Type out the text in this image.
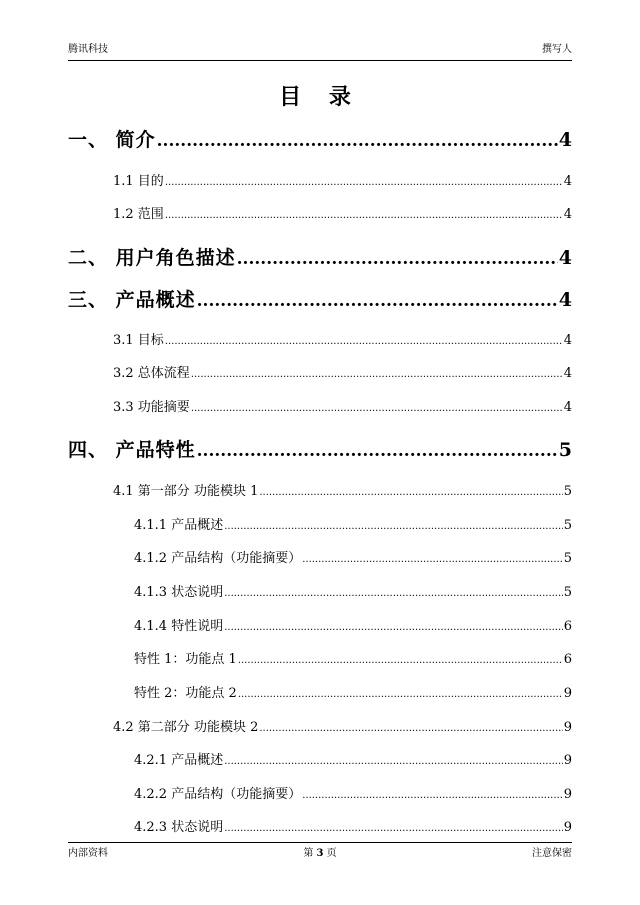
腾讯科技	撰写人
目 录
一、 简介 .....	4
1.1 目的 .....	4
1.2 范围 .....	4
二、 用户角色描述 .....	4
三、 产品概述 .....	4
3.1 目标 .....	4
3.2 总体流程 .....	4
3.3 功能摘要 .....	4
四、 产品特性 .....	5
4.1 第一部分 功能模块 1 .....	5
4.1.1 产品概述 .....	5
4.1.2 产品结构（功能摘要） .....	5
4.1.3 状态说明 .....	5
4.1.4 特性说明 .....	6
特性 1：功能点 1 .....	6
特性 2：功能点 2 .....	9
4.2 第二部分 功能模块 2 .....	9
4.2.1 产品概述 .....	9
4.2.2 产品结构（功能摘要） .....	9
4.2.3 状态说明 .....	9
内部资料	第 3 页	注意保密
